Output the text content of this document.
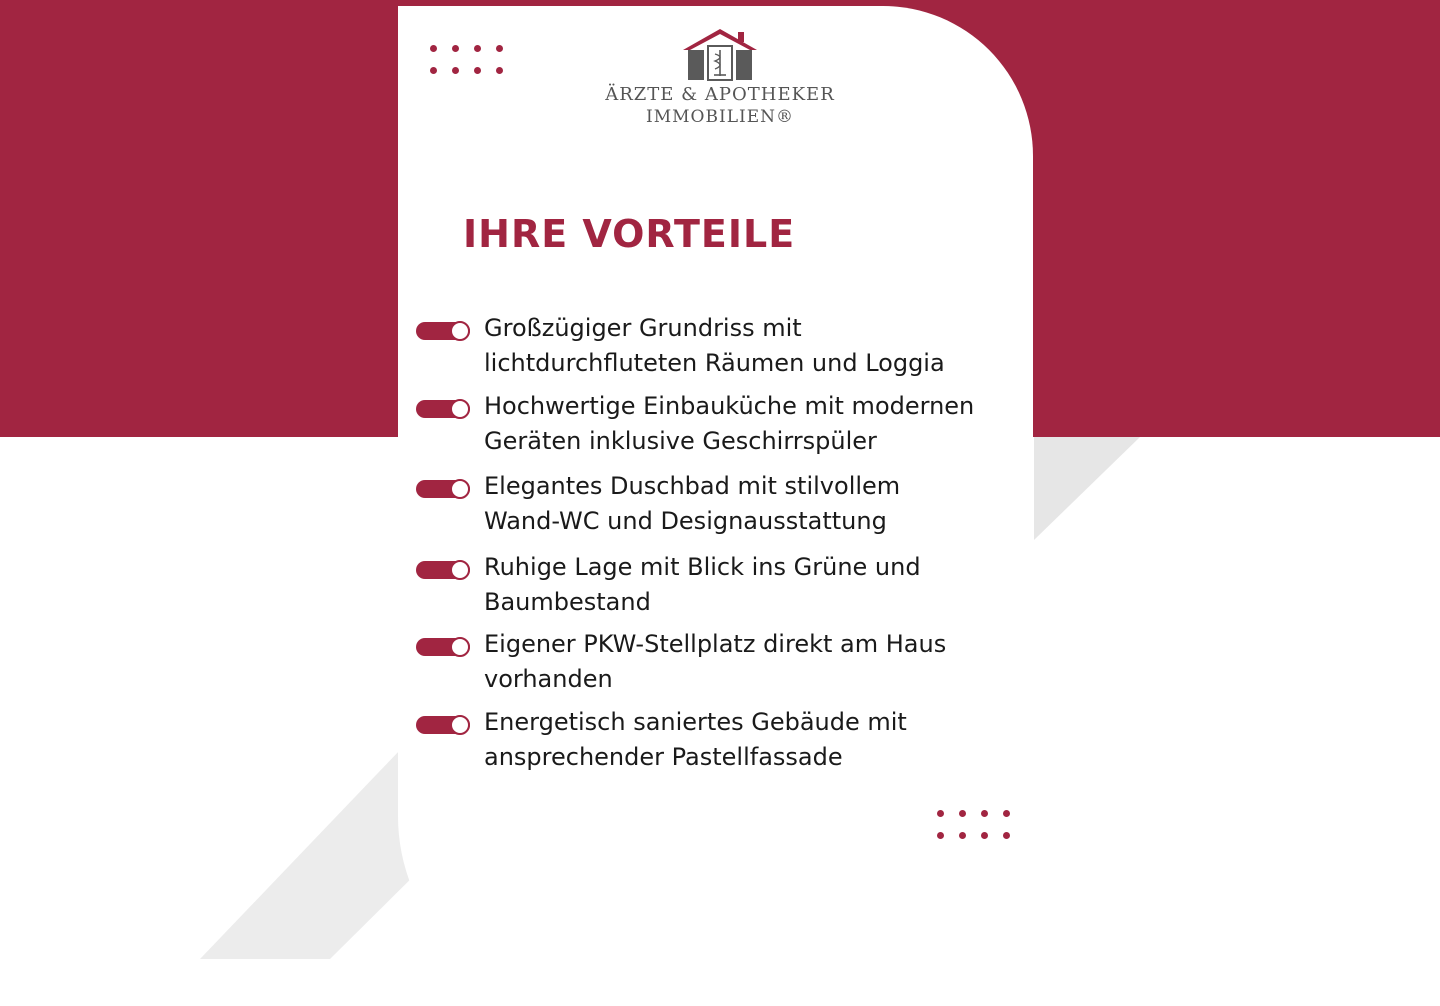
ÄRZTE & APOTHEKER
IMMOBILIEN®
IHRE VORTEILE
Großzügiger Grundriss mit
lichtdurchfluteten Räumen und Loggia
Hochwertige Einbauküche mit modernen
Geräten inklusive Geschirrspüler
Elegantes Duschbad mit stilvollem
Wand-WC und Designausstattung
Ruhige Lage mit Blick ins Grüne und
Baumbestand
Eigener PKW-Stellplatz direkt am Haus
vorhanden
Energetisch saniertes Gebäude mit
ansprechender Pastellfassade
